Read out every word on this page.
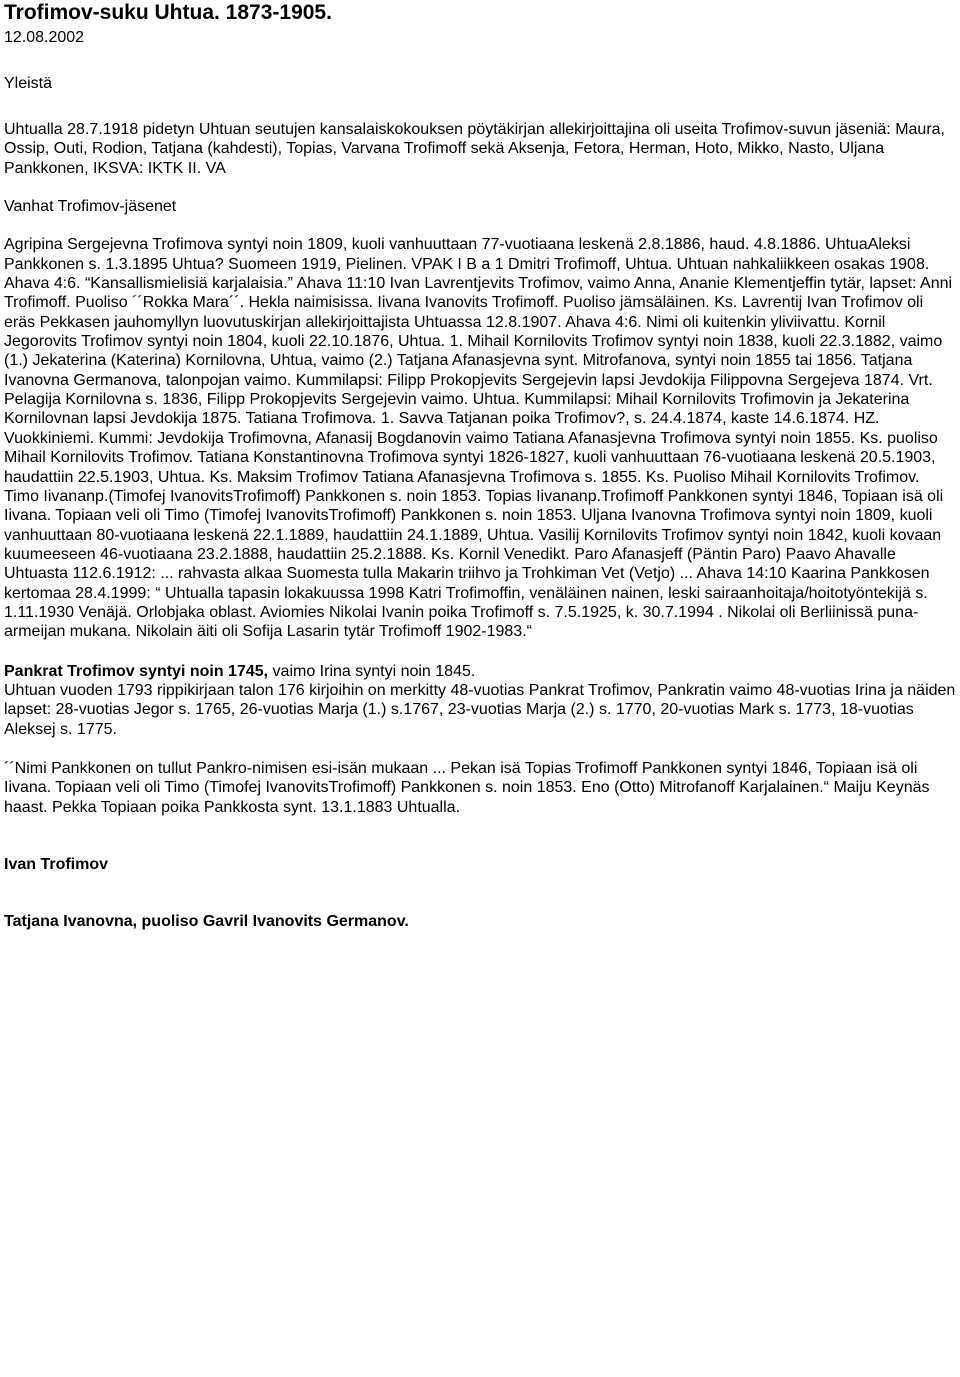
Trofimov-suku Uhtua. 1873-1905.
12.08.2002
Yleistä

Uhtualla 28.7.1918 pidetyn Uhtuan seutujen kansalaiskokouksen pöytäkirjan allekirjoittajina oli useita Trofimov-suvun jäseniä: Maura, Ossip, Outi, Rodion, Tatjana (kahdesti), Topias, Varvana Trofimoff sekä Aksenja, Fetora, Herman, Hoto, Mikko, Nasto, Uljana Pankkonen, IKSVA: IKTK II. VA

Vanhat Trofimov-jäsenet

Agripina Sergejevna Trofimova syntyi noin 1809, kuoli vanhuuttaan 77-vuotiaana leskenä 2.8.1886, haud. 4.8.1886. UhtuaAleksi Pankkonen s. 1.3.1895 Uhtua? Suomeen 1919, Pielinen. VPAK I B a 1 Dmitri Trofimoff, Uhtua. Uhtuan nahkaliikkeen osakas 1908. Ahava 4:6. “Kansallismielisiä karjalaisia.” Ahava 11:10 Ivan Lavrentjevits Trofimov, vaimo Anna, Ananie Klementjeffin tytär, lapset: Anni Trofimoff. Puoliso ´´Rokka Mara´´. Hekla naimisissa. Iivana Ivanovits Trofimoff. Puoliso jämsäläinen. Ks. Lavrentij Ivan Trofimov oli eräs Pekkasen jauhomyllyn luovutuskirjan allekirjoittajista Uhtuassa 12.8.1907. Ahava 4:6. Nimi oli kuitenkin yliviivattu. Kornil Jegorovits Trofimov syntyi noin 1804, kuoli 22.10.1876, Uhtua. 1. Mihail Kornilovits Trofimov syntyi noin 1838, kuoli 22.3.1882, vaimo (1.) Jekaterina (Katerina) Kornilovna, Uhtua, vaimo (2.) Tatjana Afanasjevna synt. Mitrofanova, syntyi noin 1855 tai 1856. Tatjana Ivanovna Germanova, talonpojan vaimo. Kummilapsi: Filipp Prokopjevits Sergejevin lapsi Jevdokija Filippovna Sergejeva 1874. Vrt. Pelagija Kornilovna s. 1836, Filipp Prokopjevits Sergejevin vaimo. Uhtua. Kummilapsi: Mihail Kornilovits Trofimovin ja Jekaterina Kornilovnan lapsi Jevdokija 1875. Tatiana Trofimova. 1. Savva Tatjanan poika Trofimov?, s. 24.4.1874, kaste 14.6.1874. HZ. Vuokkiniemi. Kummi: Jevdokija Trofimovna, Afanasij Bogdanovin vaimo Tatiana Afanasjevna Trofimova syntyi noin 1855. Ks. puoliso Mihail Kornilovits Trofimov. Tatiana Konstantinovna Trofimova syntyi 1826-1827, kuoli vanhuuttaan 76-vuotiaana leskenä 20.5.1903, haudattiin 22.5.1903, Uhtua. Ks. Maksim Trofimov Tatiana Afanasjevna Trofimova s. 1855. Ks. Puoliso Mihail Kornilovits Trofimov. Timo Iivananp.(Timofej IvanovitsTrofimoff) Pankkonen s. noin 1853. Topias Iivananp.Trofimoff Pankkonen syntyi 1846, Topiaan isä oli Iivana. Topiaan veli oli Timo (Timofej IvanovitsTrofimoff) Pankkonen s. noin 1853. Uljana Ivanovna Trofimova syntyi noin 1809, kuoli vanhuuttaan 80-vuotiaana leskenä 22.1.1889, haudattiin 24.1.1889, Uhtua. Vasilij Kornilovits Trofimov syntyi noin 1842, kuoli kovaan kuumeeseen 46-vuotiaana 23.2.1888, haudattiin 25.2.1888. Ks. Kornil Venedikt. Paro Afanasjeff (Päntin Paro) Paavo Ahavalle Uhtuasta 112.6.1912: ... rahvasta alkaa Suomesta tulla Makarin triihvo ja Trohkiman Vet (Vetjo) ... Ahava 14:10 Kaarina Pankkosen kertomaa 28.4.1999: “ Uhtualla tapasin lokakuussa 1998 Katri Trofimoffin, venäläinen nainen, leski sairaanhoitaja/hoitotyöntekijä s. 1.11.1930 Venäjä. Orlobjaka oblast. Aviomies Nikolai Ivanin poika Trofimoff s. 7.5.1925, k. 30.7.1994 . Nikolai oli Berliinissä puna-armeijan mukana. Nikolain äiti oli Sofija Lasarin tytär Trofimoff 1902-1983.“

Pankrat Trofimov syntyi noin 1745, vaimo Irina syntyi noin 1845.

Uhtuan vuoden 1793 rippikirjaan talon 176 kirjoihin on merkitty 48-vuotias Pankrat Trofimov, Pankratin vaimo 48-vuotias Irina ja näiden lapset: 28-vuotias Jegor s. 1765, 26-vuotias Marja (1.) s.1767, 23-vuotias Marja (2.) s. 1770, 20-vuotias Mark s. 1773, 18-vuotias Aleksej s. 1775.

´´Nimi Pankkonen on tullut Pankro-nimisen esi-isän mukaan ... Pekan isä Topias Trofimoff Pankkonen syntyi 1846, Topiaan isä oli Iivana. Topiaan veli oli Timo (Timofej IvanovitsTrofimoff) Pankkonen s. noin 1853. Eno (Otto) Mitrofanoff Karjalainen.“ Maiju Keynäs haast. Pekka Topiaan poika Pankkosta synt. 13.1.1883 Uhtualla.

Ivan Trofimov

Tatjana Ivanovna, puoliso Gavril Ivanovits Germanov.
